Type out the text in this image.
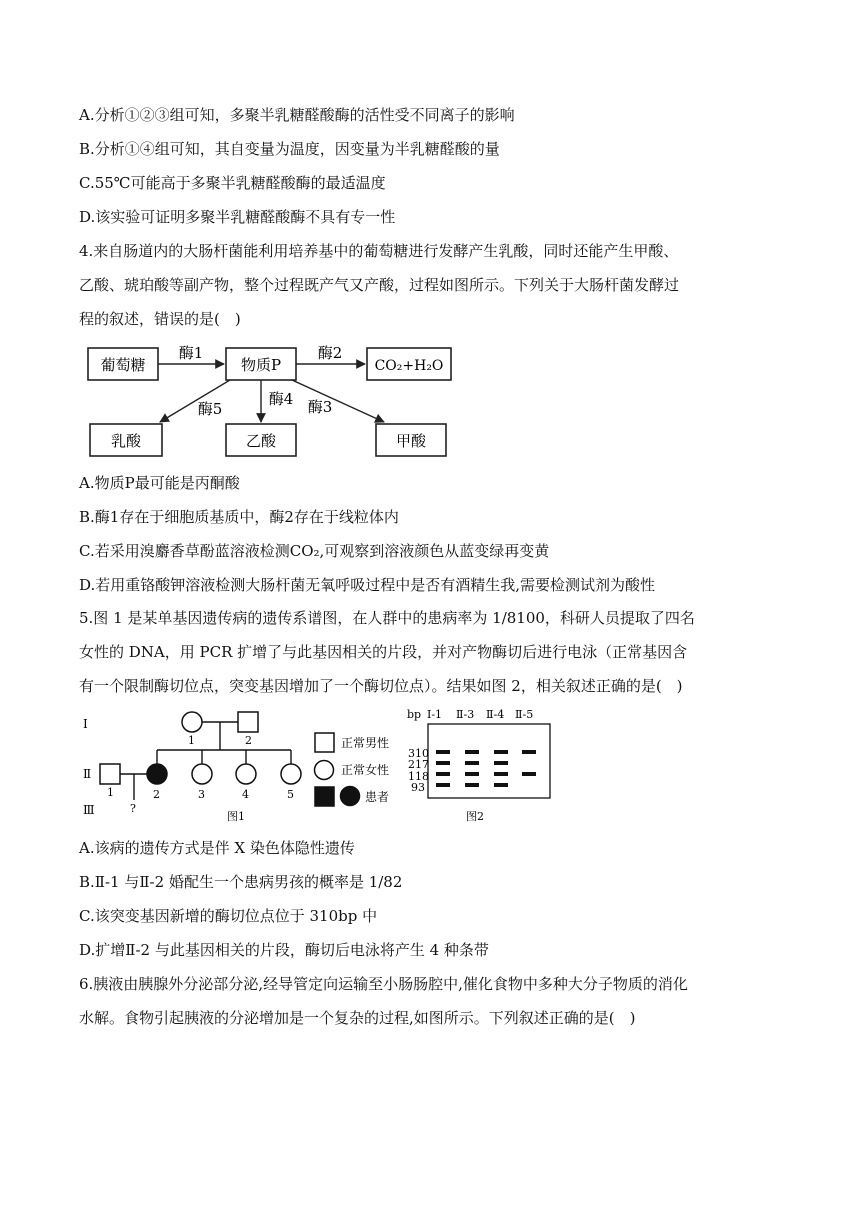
A.分析①②③组可知，多聚半乳糖醛酸酶的活性受不同离子的影响
B.分析①④组可知，其自变量为温度，因变量为半乳糖醛酸的量
C.55℃可能高于多聚半乳糖醛酸酶的最适温度
D.该实验可证明多聚半乳糖醛酸酶不具有专一性
4.来自肠道内的大肠杆菌能利用培养基中的葡萄糖进行发酵产生乳酸，同时还能产生甲酸、
乙酸、琥珀酸等副产物，整个过程既产气又产酸，过程如图所示。下列关于大肠杆菌发酵过
程的叙述，错误的是(　)
葡萄糖	物质P	CO₂+H₂O
乳酸	乙酸	甲酸
酶1	酶2
酶5
酶4 酶3
A.物质P最可能是丙酮酸
B.酶1存在于细胞质基质中，酶2存在于线粒体内
C.若采用溴麝香草酚蓝溶液检测CO₂,可观察到溶液颜色从蓝变绿再变黄
D.若用重铬酸钾溶液检测大肠杆菌无氧呼吸过程中是否有酒精生我,需要检测试剂为酸性
5.图 1 是某单基因遗传病的遗传系谱图，在人群中的患病率为 1/8100，科研人员提取了四名
女性的 DNA，用 PCR 扩增了与此基因相关的片段，并对产物酶切后进行电泳（正常基因含
有一个限制酶切位点，突变基因增加了一个酶切位点）。结果如图 2，相关叙述正确的是(　)
Ⅰ
Ⅱ
Ⅲ
1	2
1	2	3	4	5
?
图1
正常男性
正常女性
患者
bp Ⅰ-1 Ⅱ-3 Ⅱ-4 Ⅱ-5
310
217
118
93
图2
A.该病的遗传方式是伴 X 染色体隐性遗传
B.Ⅱ-1 与Ⅱ-2 婚配生一个患病男孩的概率是 1/82
C.该突变基因新增的酶切位点位于 310bp 中
D.扩增Ⅱ-2 与此基因相关的片段，酶切后电泳将产生 4 种条带
6.胰液由胰腺外分泌部分泌,经导管定向运输至小肠肠腔中,催化食物中多种大分子物质的消化
水解。食物引起胰液的分泌增加是一个复杂的过程,如图所示。下列叙述正确的是(　)
